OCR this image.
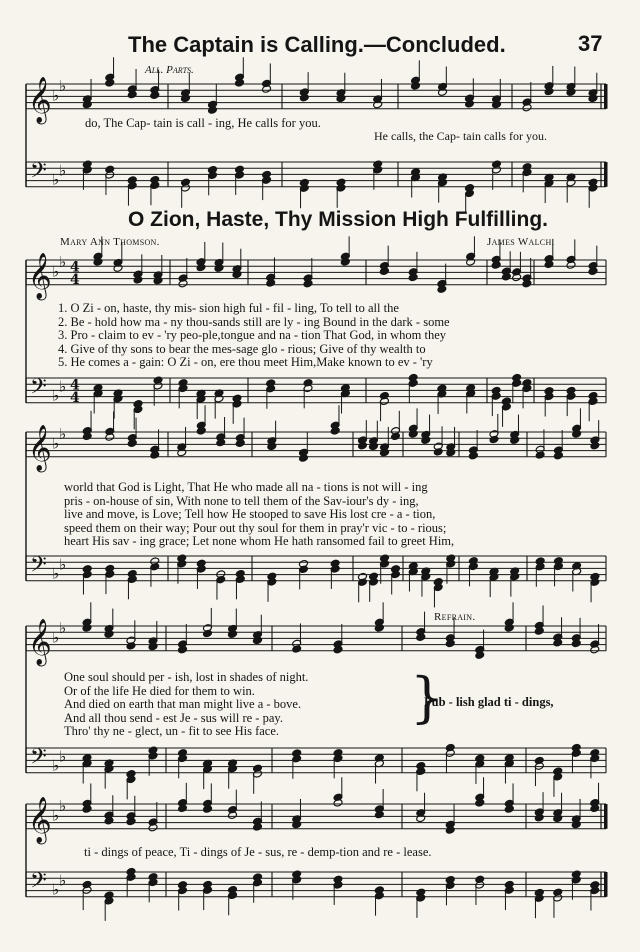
𝄞
𝄢
♭
♭
♭
♭
𝄞
𝄢
♭
♭
♭
♭
4
4
4
4
𝄞
𝄢
♭
♭
♭
♭
𝄞
𝄢
♭
♭
♭
♭
𝄞
𝄢
♭
♭
♭
♭
The Captain is Calling.—Concluded.	37
All. Parts.
do, The Cap- tain is call - ing, He calls for you.
He calls, the Cap- tain calls for you.
O Zion, Haste, Thy Mission High Fulfilling.
Mary Ann Thomson.	James Walch.
1. O Zi - on, haste, thy mis- sion high ful - fil - ling, To tell to all the
2. Be - hold how ma - ny thou-sands still are ly - ing Bound in the dark - some
3. Pro - claim to ev - 'ry peo-ple,tongue and na - tion That God, in whom they
4. Give of thy sons to bear the mes-sage glo - rious; Give of thy wealth to
5. He comes a - gain: O Zi - on, ere thou meet Him,Make known to ev - 'ry
world that God is Light, That He who made all na - tions is not will - ing
pris - on-house of sin, With none to tell them of the Sav-iour's dy - ing,
live and move, is Love; Tell how He stooped to save His lost cre - a - tion,
speed them on their way; Pour out thy soul for them in pray'r vic - to - rious;
heart His sav - ing grace; Let none whom He hath ransomed fail to greet Him,
Refrain.
One soul should per - ish, lost in shades of night.
Or of the life He died for them to win.
And died on earth that man might live a - bove.
And all thou send - est Je - sus will re - pay.
Thro' thy ne - glect, un - fit to see His face.
}
Pub - lish glad ti - dings,
ti - dings of peace, Ti - dings of Je - sus, re - demp-tion and re - lease.
